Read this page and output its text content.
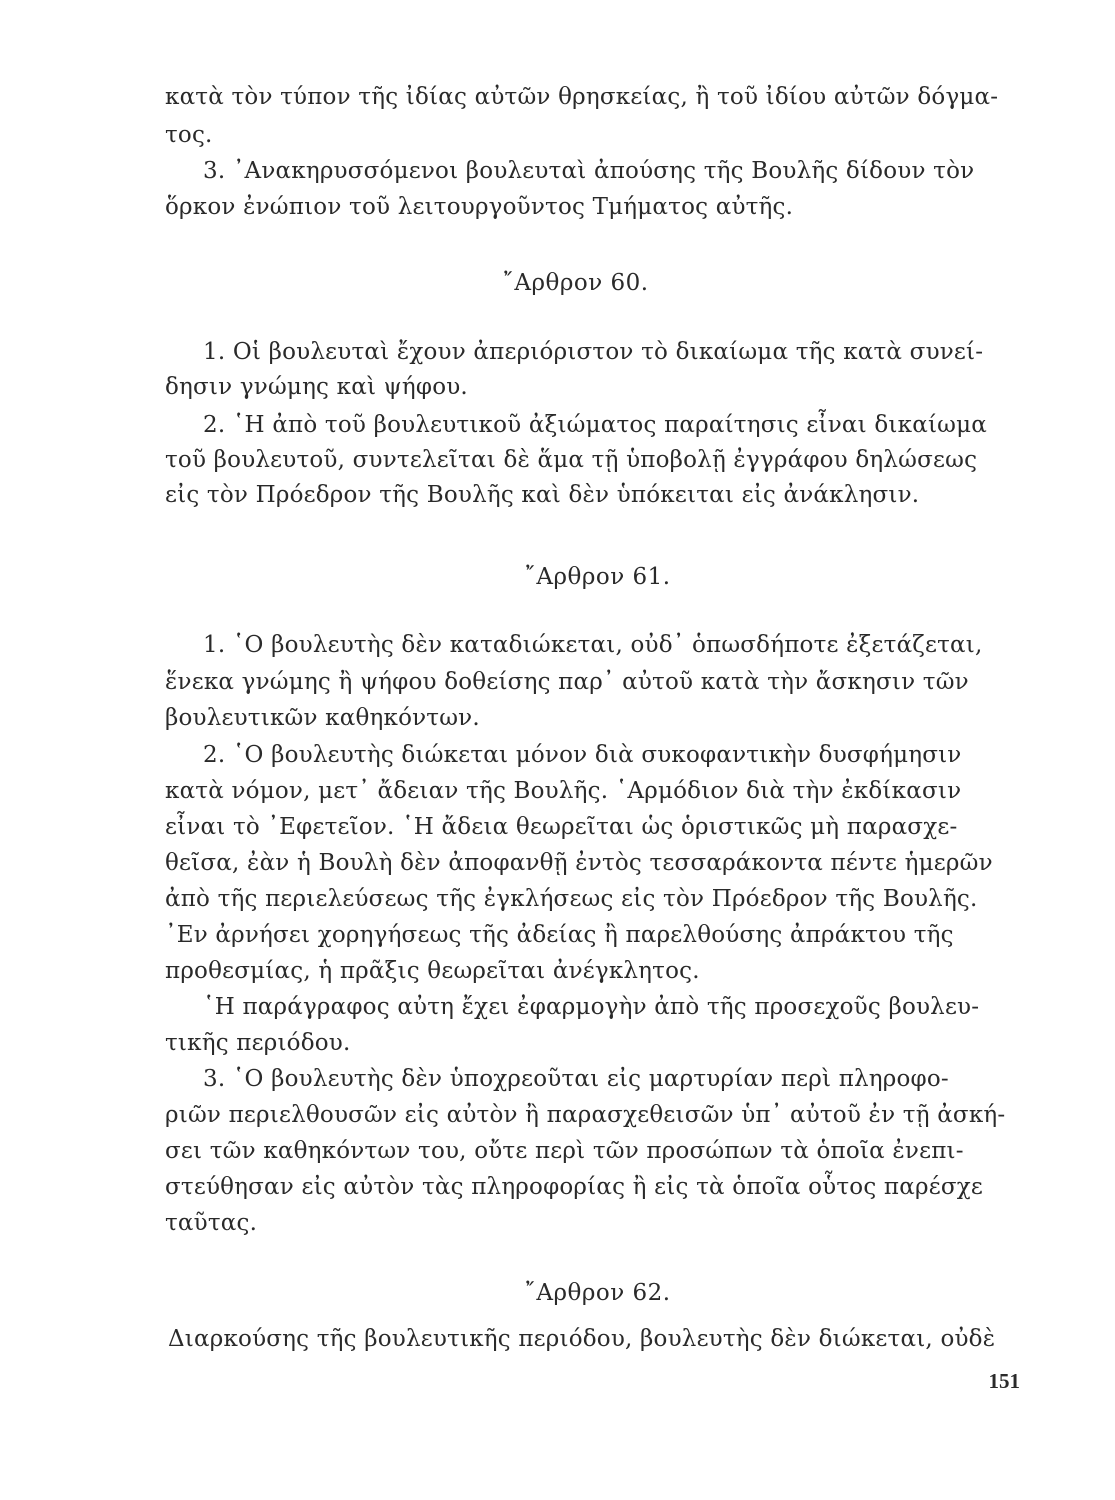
κατὰ τὸν τύπον τῆς ἰδίας αὐτῶν θρησκείας, ἢ τοῦ ἰδίου αὐτῶν δόγμα-
τος.
3. ᾿Ανακηρυσσόμενοι βουλευταὶ ἀπούσης τῆς Βουλῆς δίδουν τὸν
ὅρκον ἐνώπιον τοῦ λειτουργοῦντος Τμήματος αὐτῆς.
῎Αρθρον 60.
1. Οἱ βουλευταὶ ἔχουν ἀπεριόριστον τὸ δικαίωμα τῆς κατὰ συνεί-
δησιν γνώμης καὶ ψήφου.
2. ῾Η ἀπὸ τοῦ βουλευτικοῦ ἀξιώματος παραίτησις εἶναι δικαίωμα
τοῦ βουλευτοῦ, συντελεῖται δὲ ἅμα τῇ ὑποβολῇ ἐγγράφου δηλώσεως
εἰς τὸν Πρόεδρον τῆς Βουλῆς καὶ δὲν ὑπόκειται εἰς ἀνάκλησιν.
῎Αρθρον 61.
1. ῾Ο βουλευτὴς δὲν καταδιώκεται, οὐδ᾿ ὁπωσδήποτε ἐξετάζεται,
ἕνεκα γνώμης ἢ ψήφου δοθείσης παρ᾿ αὐτοῦ κατὰ τὴν ἄσκησιν τῶν
βουλευτικῶν καθηκόντων.
2. ῾Ο βουλευτὴς διώκεται μόνον διὰ συκοφαντικὴν δυσφήμησιν
κατὰ νόμον, μετ᾿ ἄδειαν τῆς Βουλῆς. ῾Αρμόδιον διὰ τὴν ἐκδίκασιν
εἶναι τὸ ᾿Εφετεῖον. ῾Η ἄδεια θεωρεῖται ὡς ὁριστικῶς μὴ παρασχε-
θεῖσα, ἐὰν ἡ Βουλὴ δὲν ἀποφανθῇ ἐντὸς τεσσαράκοντα πέντε ἡμερῶν
ἀπὸ τῆς περιελεύσεως τῆς ἐγκλήσεως εἰς τὸν Πρόεδρον τῆς Βουλῆς.
᾿Εν ἀρνήσει χορηγήσεως τῆς ἀδείας ἢ παρελθούσης ἀπράκτου τῆς
προθεσμίας, ἡ πρᾶξις θεωρεῖται ἀνέγκλητος.
῾Η παράγραφος αὐτη ἔχει ἐφαρμογὴν ἀπὸ τῆς προσεχοῦς βουλευ-
τικῆς περιόδου.
3. ῾Ο βουλευτὴς δὲν ὑποχρεοῦται εἰς μαρτυρίαν περὶ πληροφο-
ριῶν περιελθουσῶν εἰς αὐτὸν ἢ παρασχεθεισῶν ὑπ᾿ αὐτοῦ ἐν τῇ ἀσκή-
σει τῶν καθηκόντων του, οὔτε περὶ τῶν προσώπων τὰ ὁποῖα ἐνεπι-
στεύθησαν εἰς αὐτὸν τὰς πληροφορίας ἢ εἰς τὰ ὁποῖα οὗτος παρέσχε
ταῦτας.
῎Αρθρον 62.
Διαρκούσης τῆς βουλευτικῆς περιόδου, βουλευτὴς δὲν διώκεται, οὐδὲ
151
